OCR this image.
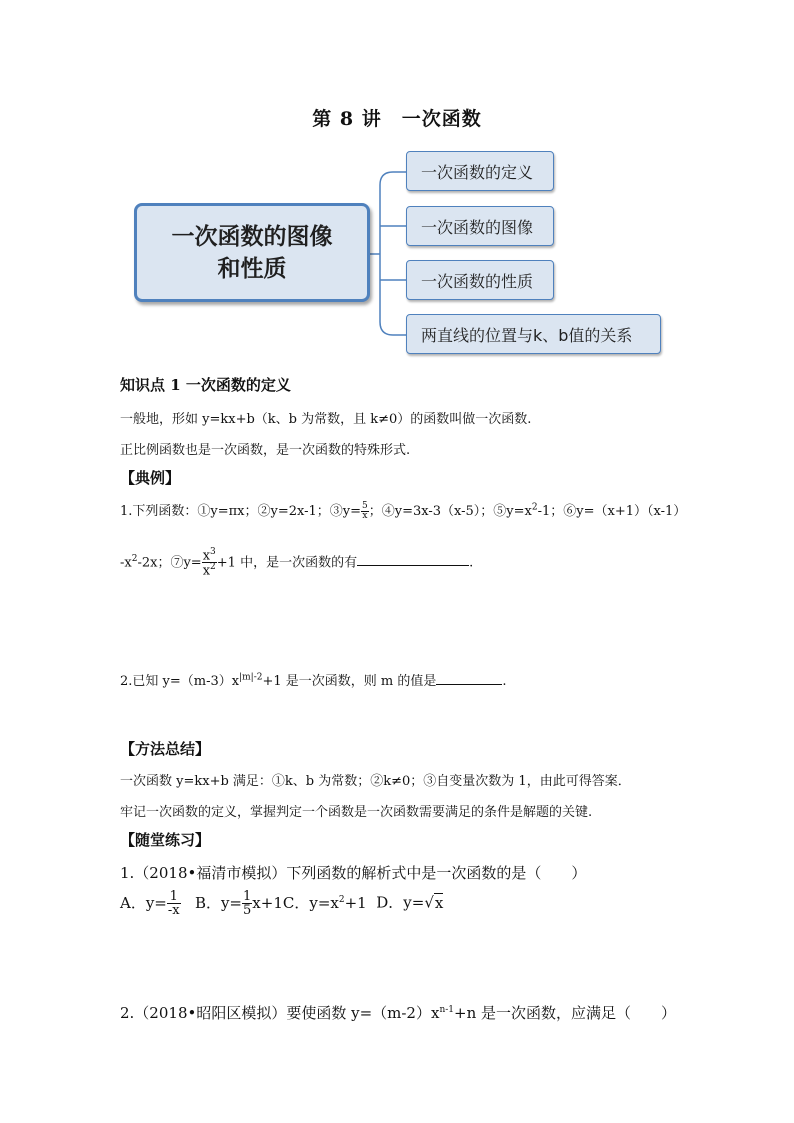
第 8 讲　一次函数
一次函数的图像
和性质
一次函数的定义
一次函数的图像
一次函数的性质
两直线的位置与k、b值的关系
知识点 1 一次函数的定义
一般地，形如 y=kx+b（k、b 为常数，且 k≠0）的函数叫做一次函数.
正比例函数也是一次函数，是一次函数的特殊形式.
【典例】
1.下列函数：①y=πx；②y=2x-1；③y= $\frac{5}{x}$ ；④y=3x-3（x-5）；$⑤y=x^2-1$；⑥y=（x+1）（x-1）
$-x^2-2x$；⑦y= $\frac{x^3}{x^2} +1$ 中，是一次函数的有	.
2.已知 $y=(m-3)x^{|m|-2}+1$ 是一次函数，则 m 的值是	.
【方法总结】
一次函数 y=kx+b 满足：①k、b 为常数；②k≠0；③自变量次数为 1，由此可得答案．
牢记一次函数的定义，掌握判定一个函数是一次函数需要满足的条件是解题的关键.
【随堂练习】
1.（2018•福清市模拟）下列函数的解析式中是一次函数的是（　　）
A．$y= \frac{1}{-x}$ B．$y= \frac{1}{5} x+1C$．$y=x^2+1$ D．y=√x
2.（2018•昭阳区模拟）要使函数 $y=(m-2)x^{n-1}+n$ 是一次函数，应满足（　　）
